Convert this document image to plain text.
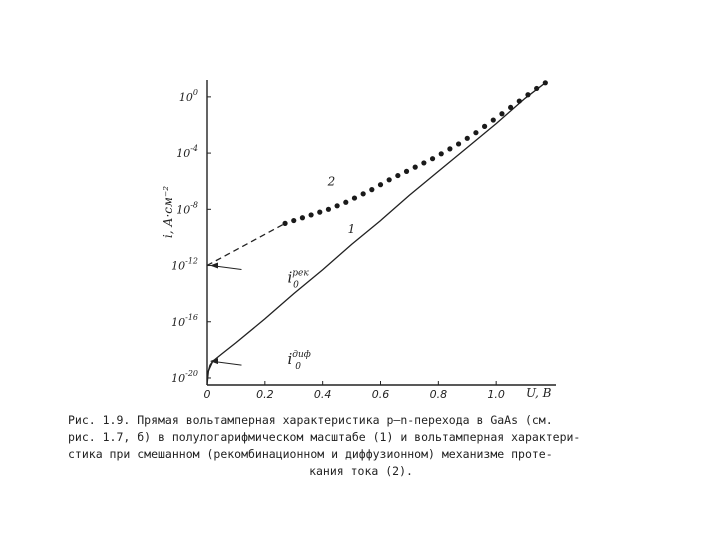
$10^{-20}$
$10^{-16}$
$10^{-12}$
$10^{-8}$
$10^{-4}$
$10^0$
0	0.2	0.4	0.6	0.8	1.0
2
1
$i^{рек}$ 0
$i^{диф}$ 0
i, А·см⁻²
U, В
Рис. 1.9. Прямая вольтамперная характеристика p—n-перехода в GaAs (см.
рис. 1.7, б) в полулогарифмическом масштабе (1) и вольтамперная характери-
стика при смешанном (рекомбинационном и диффузионном) механизме проте-
кания тока (2).
